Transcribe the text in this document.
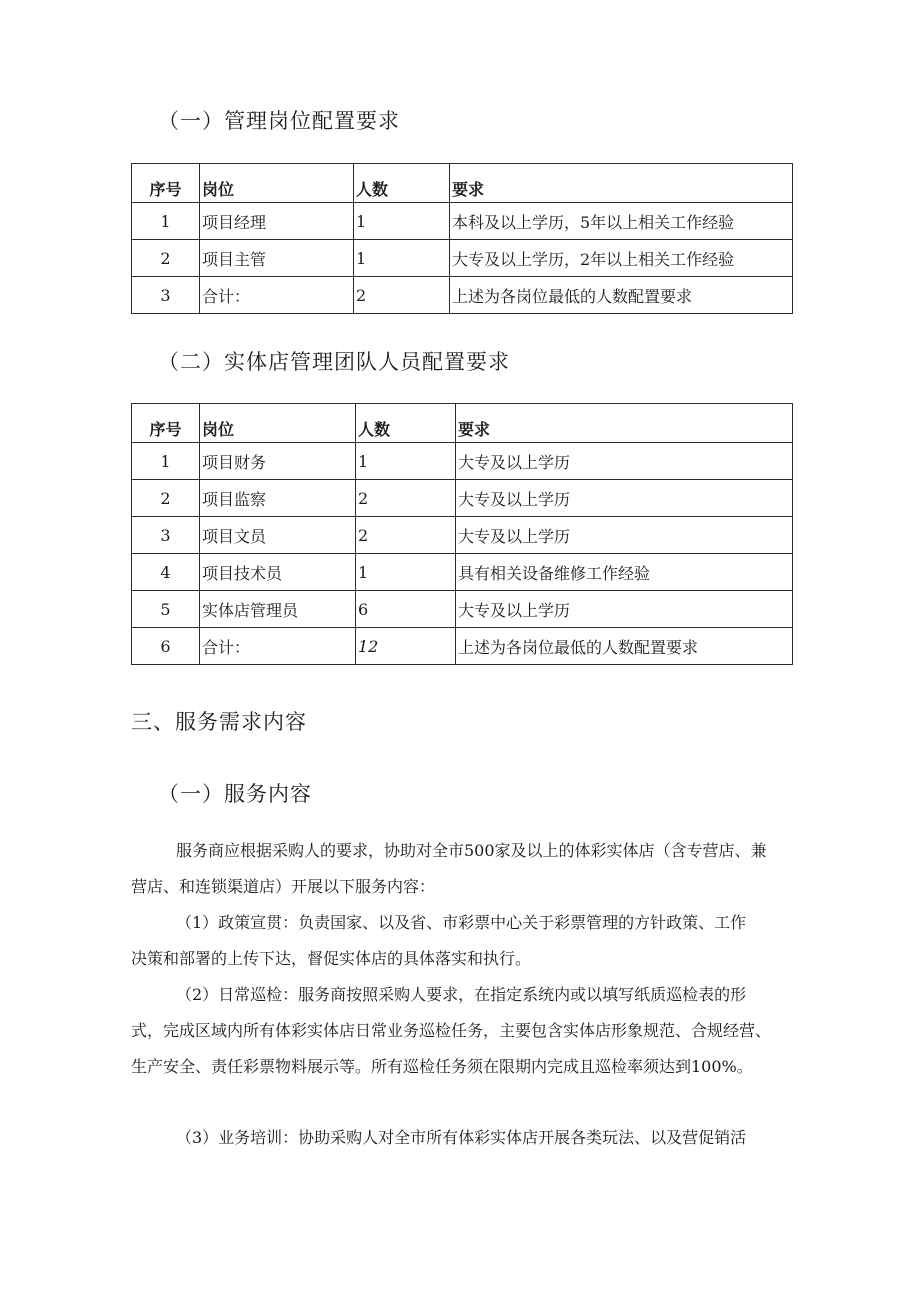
（一）管理岗位配置要求
序号	岗位	人数	要求
1	项目经理	1	本科及以上学历，5年以上相关工作经验
2	项目主管	1	大专及以上学历，2年以上相关工作经验
3	合计：	2	上述为各岗位最低的人数配置要求
（二）实体店管理团队人员配置要求
序号	岗位	人数	要求
1	项目财务	1	大专及以上学历
2	项目监察	2	大专及以上学历
3	项目文员	2	大专及以上学历
4	项目技术员	1	具有相关设备维修工作经验
5	实体店管理员	6	大专及以上学历
6	合计：	12	上述为各岗位最低的人数配置要求
三、服务需求内容
（一）服务内容
服务商应根据采购人的要求，协助对全市500家及以上的体彩实体店（含专营店、兼
营店、和连锁渠道店）开展以下服务内容：
（1）政策宣贯：负责国家、以及省、市彩票中心关于彩票管理的方针政策、工作
决策和部署的上传下达，督促实体店的具体落实和执行。
（2）日常巡检：服务商按照采购人要求，在指定系统内或以填写纸质巡检表的形
式，完成区域内所有体彩实体店日常业务巡检任务，主要包含实体店形象规范、合规经营、
生产安全、责任彩票物料展示等。所有巡检任务须在限期内完成且巡检率须达到100%。
（3）业务培训：协助采购人对全市所有体彩实体店开展各类玩法、以及营促销活
